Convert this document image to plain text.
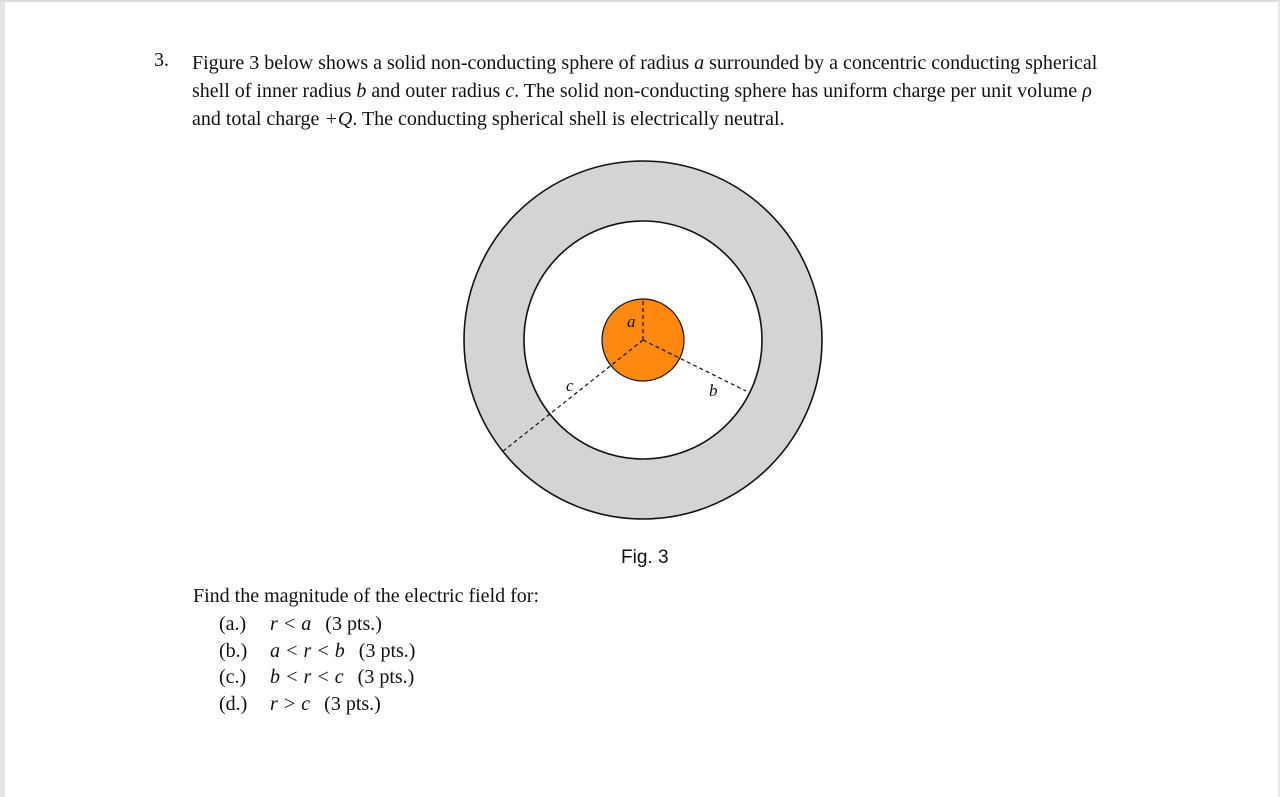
3. Figure 3 below shows a solid non-conducting sphere of radius a surrounded by a concentric conducting spherical
shell of inner radius b and outer radius c. The solid non-conducting sphere has uniform charge per unit volume ρ
and total charge +Q. The conducting spherical shell is electrically neutral.
a
b
c
Fig. 3
Find the magnitude of the electric field for:
(a.)	r < a (3 pts.)
(b.)	a < r < b (3 pts.)
(c.)	b < r < c (3 pts.)
(d.)	r > c (3 pts.)
